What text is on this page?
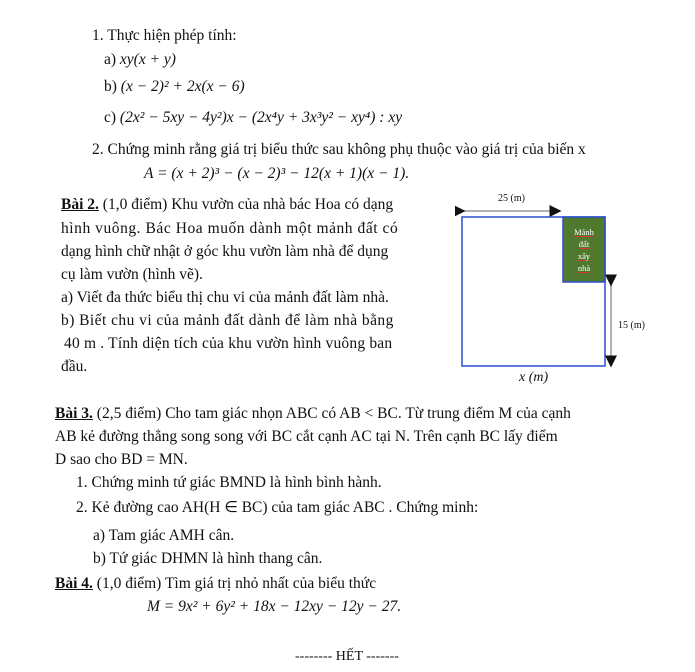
1. Thực hiện phép tính:
a) xy(x + y)
b) (x − 2)² + 2x(x − 6)
c) (2x² − 5xy − 4y²)x − (2x⁴y + 3x³y² − xy⁴) : xy
2. Chứng minh rằng giá trị biểu thức sau không phụ thuộc vào giá trị của biến x
A = (x + 2)³ − (x − 2)³ − 12(x + 1)(x − 1).
Bài 2. (1,0 điểm) Khu vườn của nhà bác Hoa có dạng
hình vuông. Bác Hoa muốn dành một mảnh đất có
dạng hình chữ nhật ở góc khu vườn làm nhà để dụng
cụ làm vườn (hình vẽ).
a) Viết đa thức biểu thị chu vi của mảnh đất làm nhà.
b) Biết chu vi của mảnh đất dành để làm nhà bằng
40 m . Tính diện tích của khu vườn hình vuông ban
đầu.
25 (m)
15 (m)
x (m)
Mảnh
đất
xây
nhà
Bài 3. (2,5 điểm) Cho tam giác nhọn ABC có AB < BC. Từ trung điểm M của cạnh
AB kẻ đường thẳng song song với BC cắt cạnh AC tại N. Trên cạnh BC lấy điểm
D sao cho BD = MN.
1. Chứng minh tứ giác BMND là hình bình hành.
2. Kẻ đường cao AH(H ∈ BC) của tam giác ABC . Chứng minh:
a) Tam giác AMH cân.
b) Tứ giác DHMN là hình thang cân.
Bài 4. (1,0 điểm) Tìm giá trị nhỏ nhất của biểu thức
M = 9x² + 6y² + 18x − 12xy − 12y − 27.
-------- HẾT -------
